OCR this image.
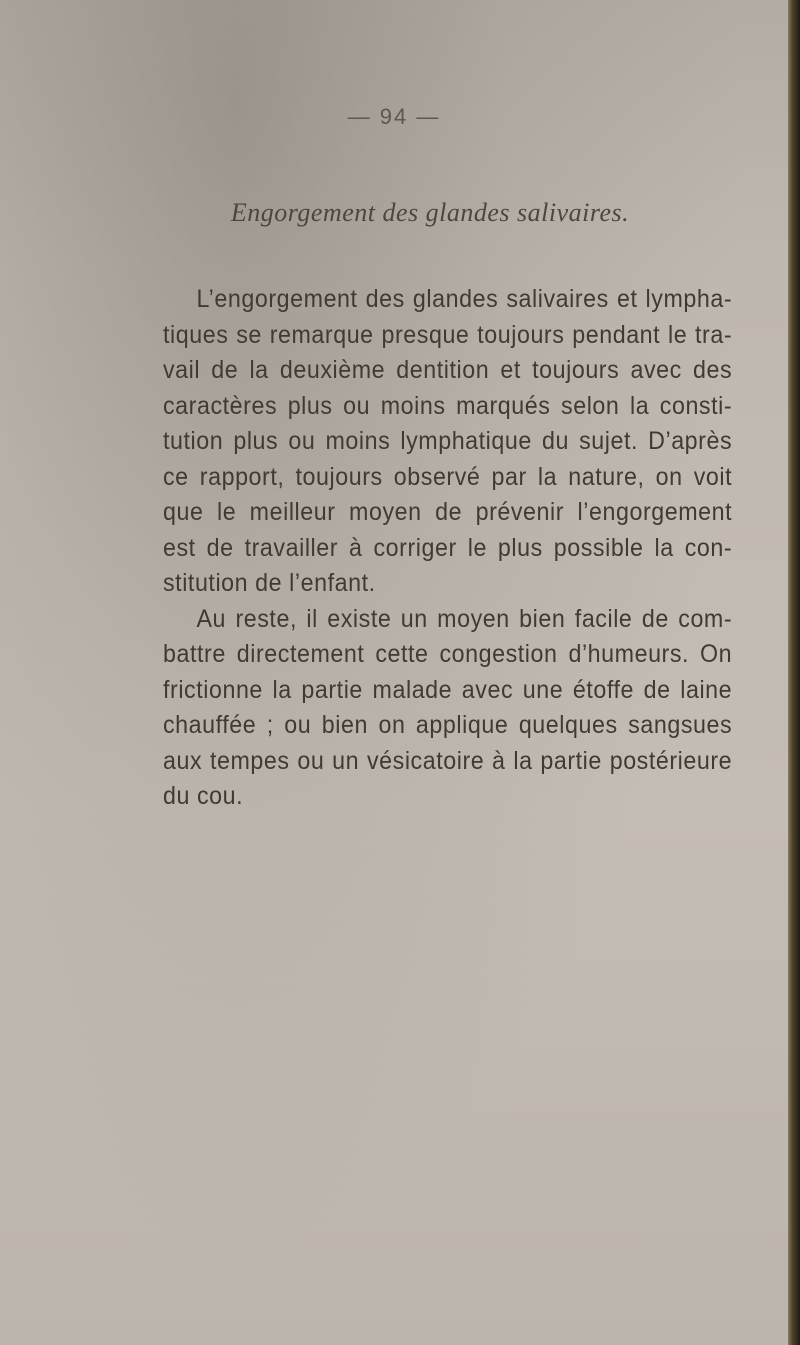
— 94 —
Engorgement des glandes salivaires.
L’engorgement des glandes salivaires et lympha-
tiques se remarque presque toujours pendant le tra-
vail de la deuxième dentition et toujours avec des
caractères plus ou moins marqués selon la consti-
tution plus ou moins lymphatique du sujet. D’après
ce rapport, toujours observé par la nature, on voit
que le meilleur moyen de prévenir l’engorgement
est de travailler à corriger le plus possible la con-
stitution de l’enfant.
Au reste, il existe un moyen bien facile de com-
battre directement cette congestion d’humeurs. On
frictionne la partie malade avec une étoffe de laine
chauffée ; ou bien on applique quelques sangsues
aux tempes ou un vésicatoire à la partie postérieure
du cou.
